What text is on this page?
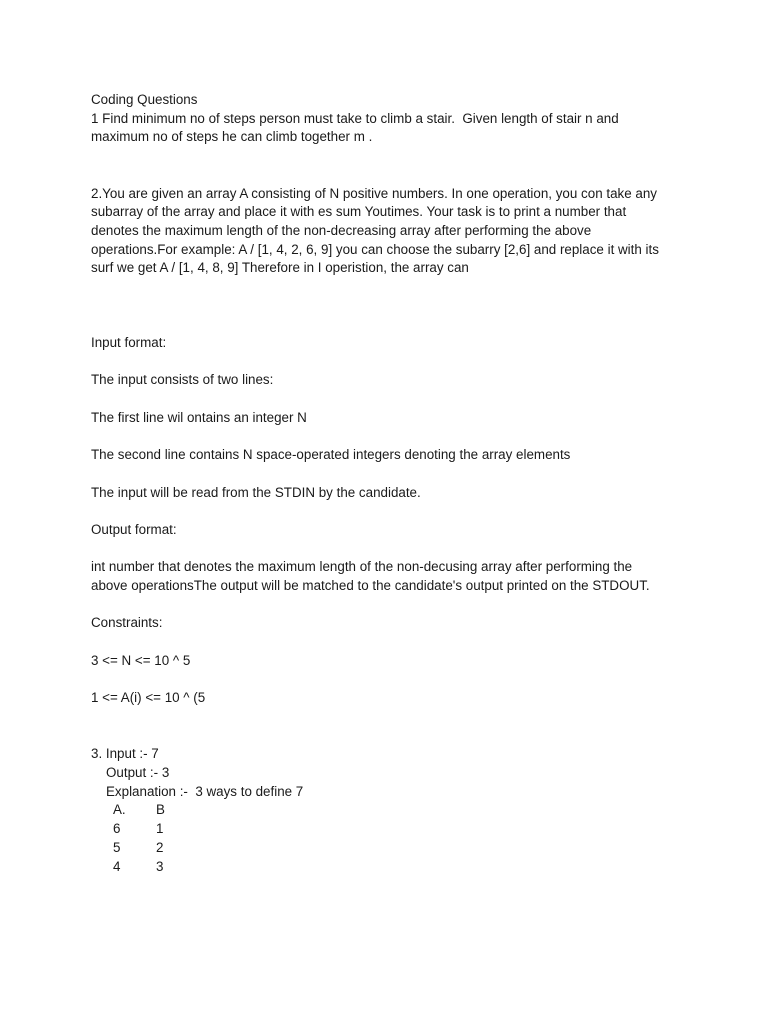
Coding Questions

1 Find minimum no of steps person must take to climb a stair.  Given length of stair n and

maximum no of steps he can climb together m .

2.You are given an array A consisting of N positive numbers. In one operation, you con take any

subarray of the array and place it with es sum Youtimes. Your task is to print a number that

denotes the maximum length of the non-decreasing array after performing the above

operations.For example: A / [1, 4, 2, 6, 9] you can choose the subarry [2,6] and replace it with its

surf we get A / [1, 4, 8, 9] Therefore in I operistion, the array can

Input format:

The input consists of two lines:

The first line wil ontains an integer N

The second line contains N space-operated integers denoting the array elements

The input will be read from the STDIN by the candidate.

Output format:

int number that denotes the maximum length of the non-decusing array after performing the

above operationsThe output will be matched to the candidate's output printed on the STDOUT.

Constraints:

3 <= N <= 10 ^ 5

1 <= A(i) <= 10 ^ (5

3. Input :- 7

Output :- 3

Explanation :-  3 ways to define 7

A.	B
6	1
5	2
4	3
